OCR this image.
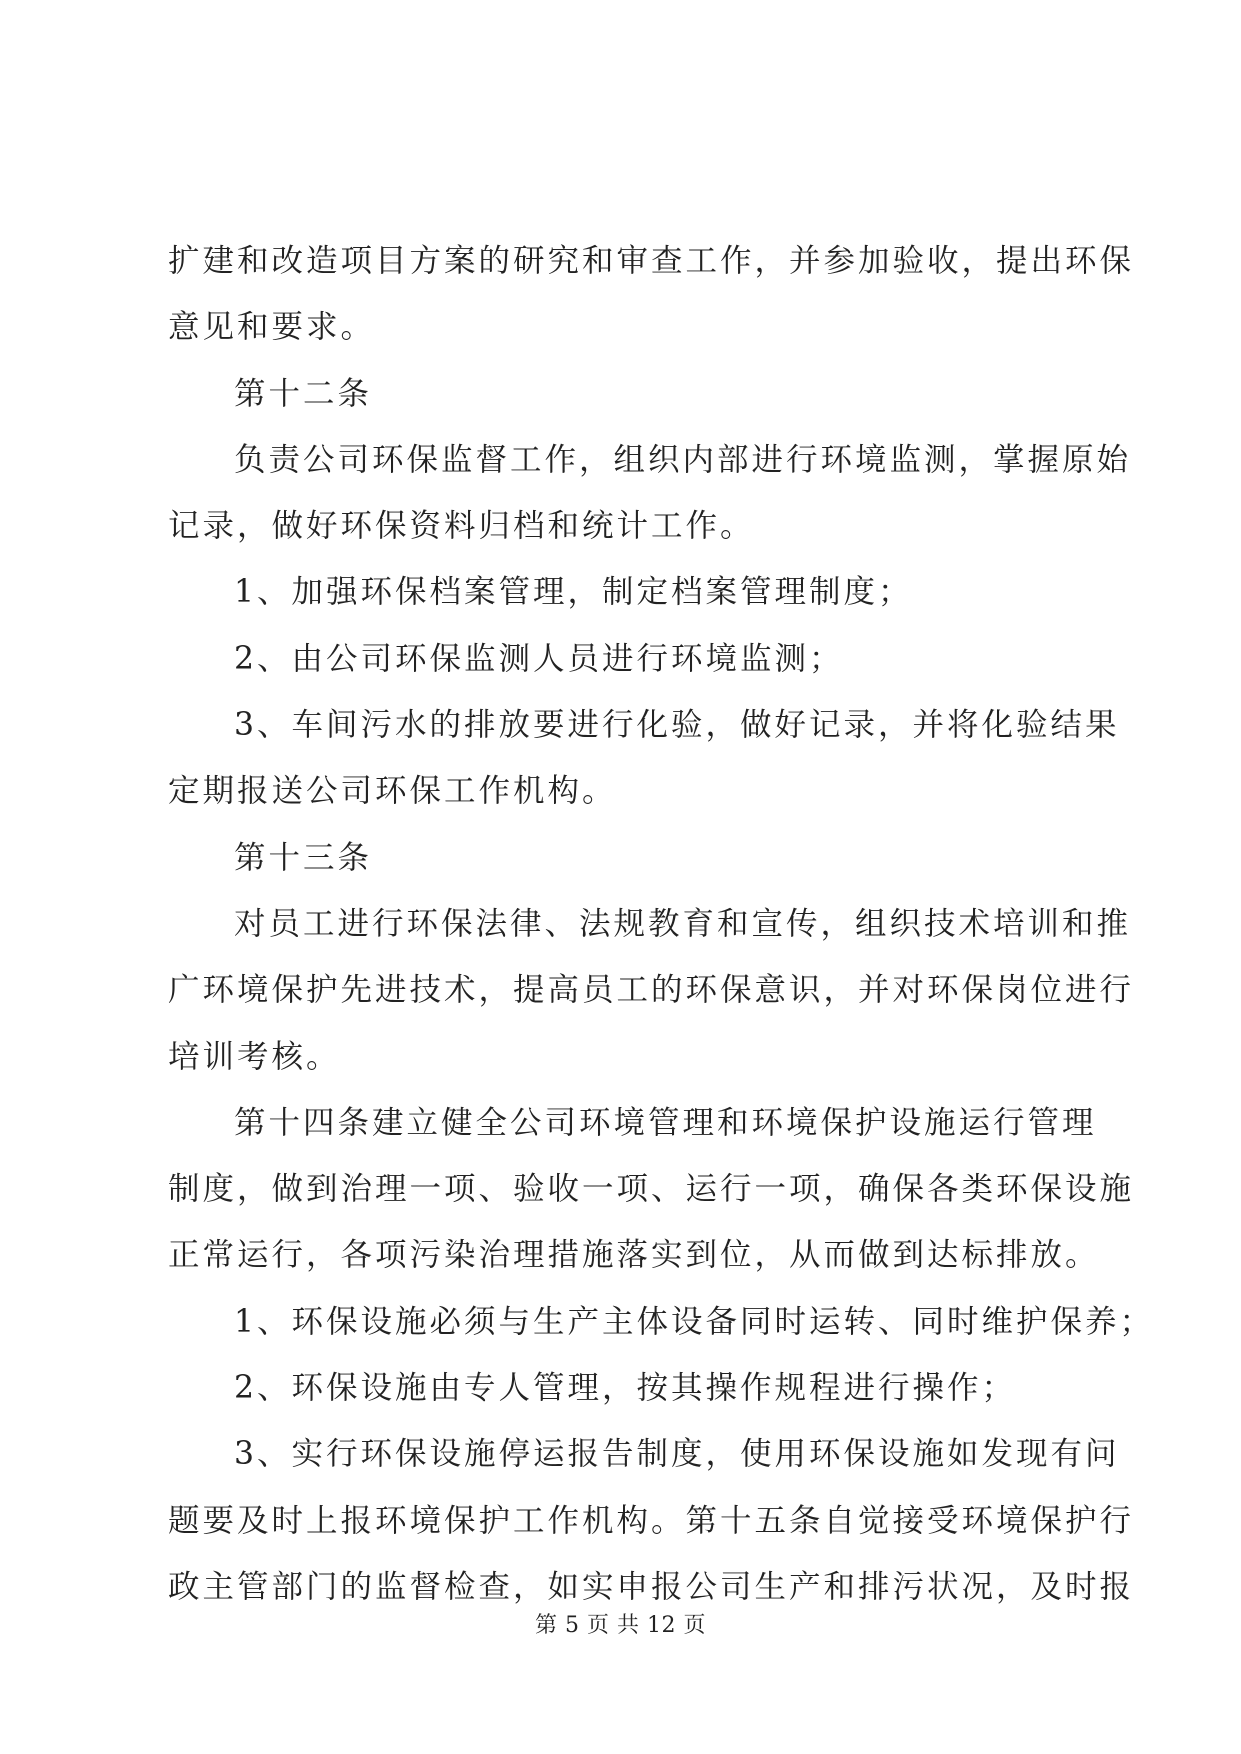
扩建和改造项目方案的研究和审查工作，并参加验收，提出环保

意见和要求。

第十二条

负责公司环保监督工作，组织内部进行环境监测，掌握原始

记录，做好环保资料归档和统计工作。

1、加强环保档案管理，制定档案管理制度；

2、由公司环保监测人员进行环境监测；

3、车间污水的排放要进行化验，做好记录，并将化验结果

定期报送公司环保工作机构。

第十三条

对员工进行环保法律、法规教育和宣传，组织技术培训和推

广环境保护先进技术，提高员工的环保意识，并对环保岗位进行

培训考核。

第十四条建立健全公司环境管理和环境保护设施运行管理

制度，做到治理一项、验收一项、运行一项，确保各类环保设施

正常运行，各项污染治理措施落实到位，从而做到达标排放。

1、环保设施必须与生产主体设备同时运转、同时维护保养；

2、环保设施由专人管理，按其操作规程进行操作；

3、实行环保设施停运报告制度，使用环保设施如发现有问

题要及时上报环境保护工作机构。第十五条自觉接受环境保护行

政主管部门的监督检查，如实申报公司生产和排污状况，及时报

第 5 页 共 12 页
